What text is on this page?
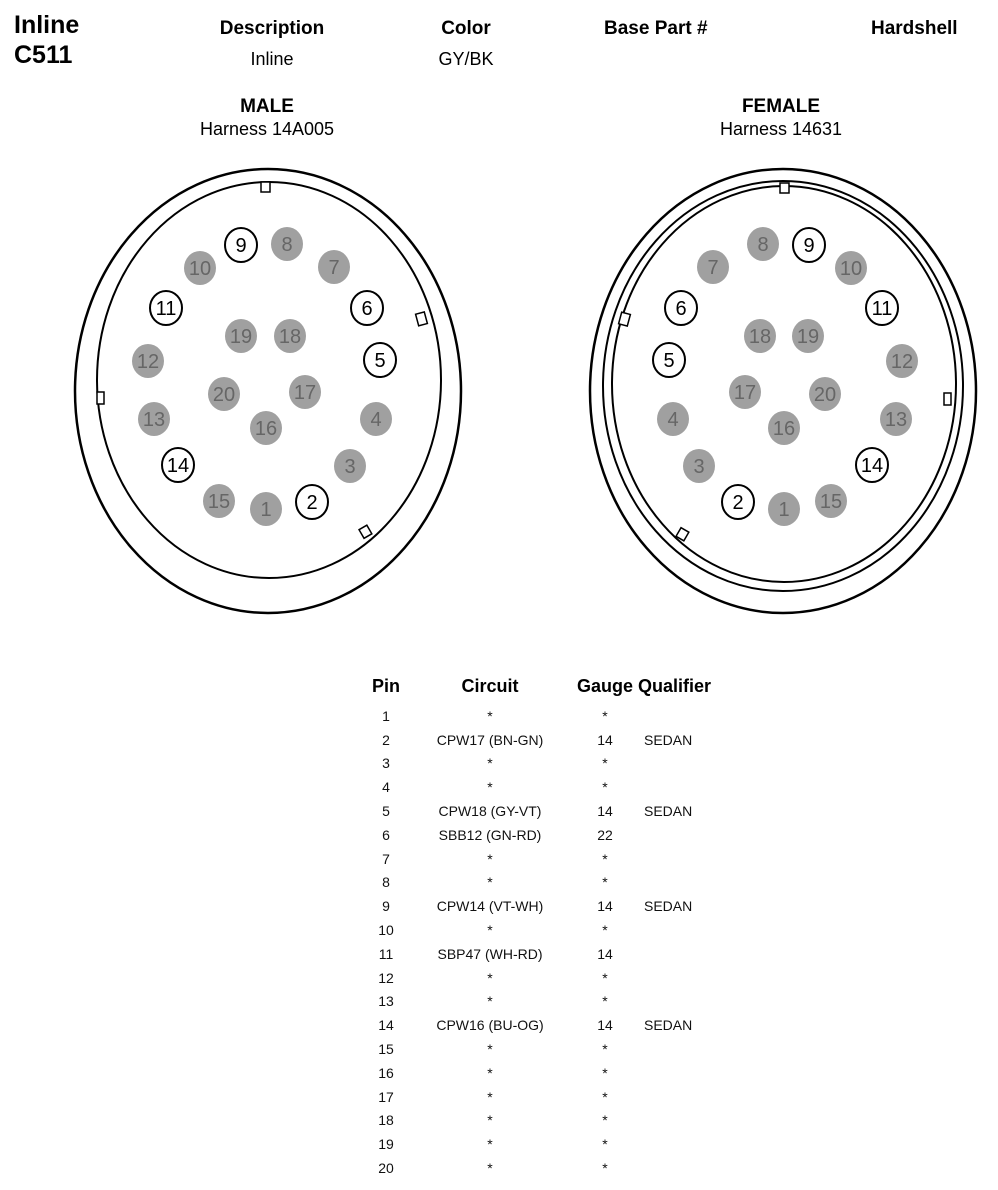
Inline
C511
Description
Inline
Color
GY/BK
Base Part #	Hardshell
MALE
Harness 14A005
FEMALE
Harness 14631
1 2
3
4
5
6
7
8
9
10
11
12
13
14
15
16
17
18
19
20
1
2
3
4
5
6
7
8 9
10
11
12
13
14
15
16
17
18 19
20
Pin	Circuit	Gauge	Qualifier
1	*	*	
2	CPW17 (BN-GN)	14	SEDAN
3	*	*	
4	*	*	
5	CPW18 (GY-VT)	14	SEDAN
6	SBB12 (GN-RD)	22	
7	*	*	
8	*	*	
9	CPW14 (VT-WH)	14	SEDAN
10	*	*	
11	SBP47 (WH-RD)	14	
12	*	*	
13	*	*	
14	CPW16 (BU-OG)	14	SEDAN
15	*	*	
16	*	*	
17	*	*	
18	*	*	
19	*	*	
20	*	*	
